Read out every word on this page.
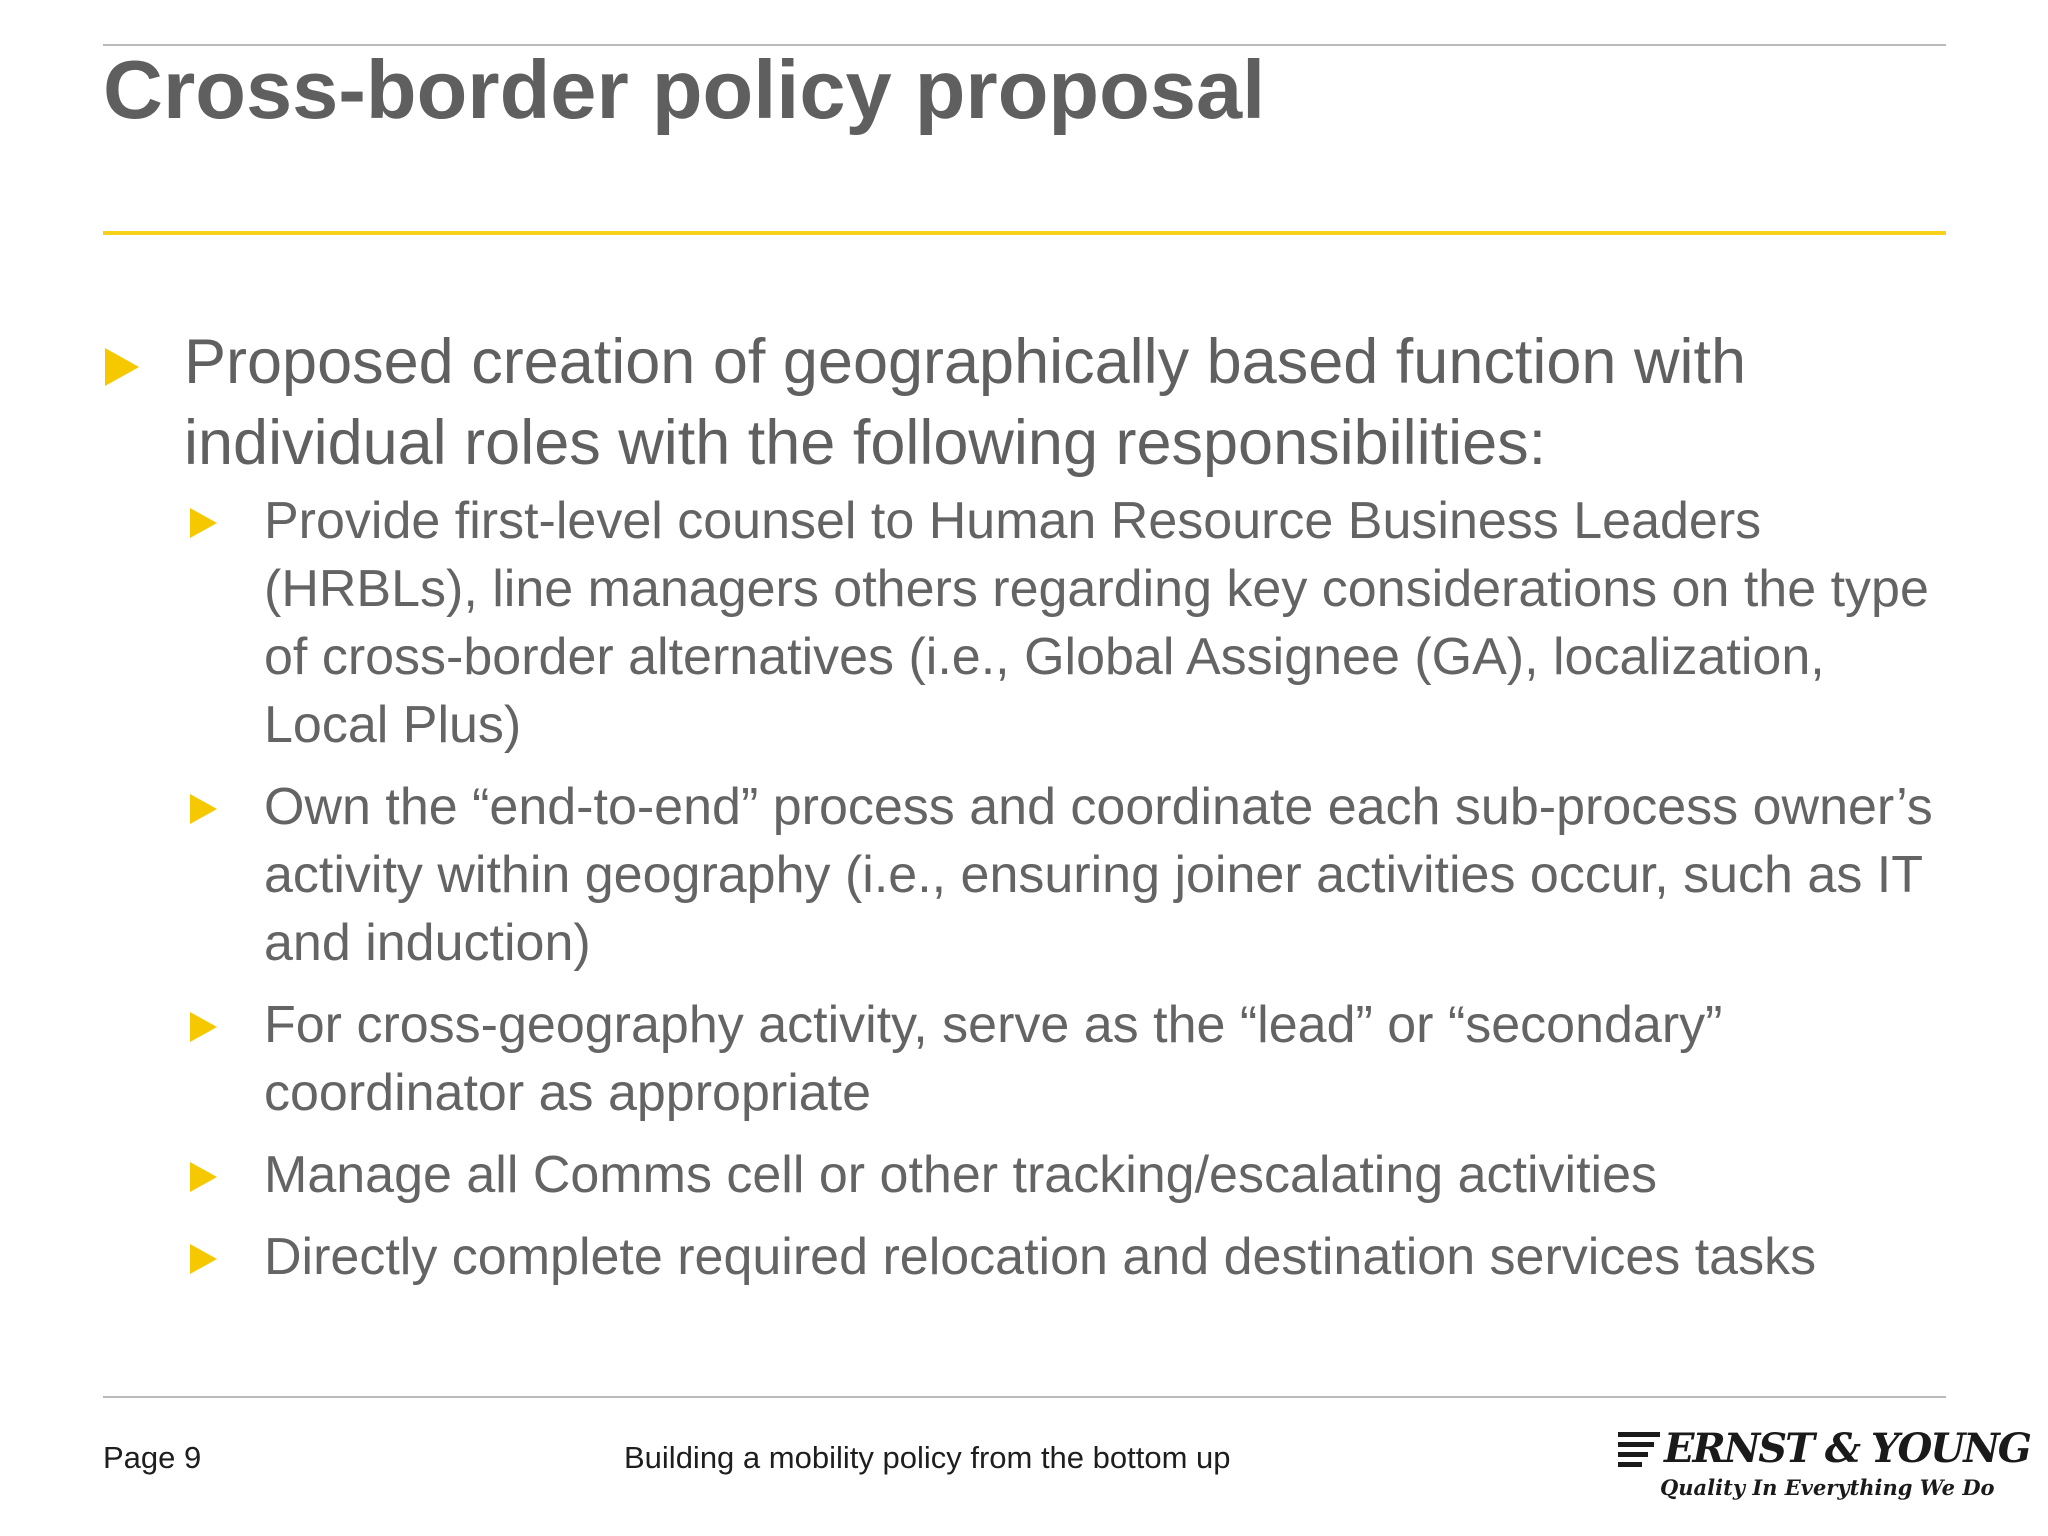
Cross-border policy proposal
Proposed creation of geographically based function with individual roles with the following responsibilities:
Provide first-level counsel to Human Resource Business Leaders (HRBLs), line managers others regarding key considerations on the type of cross-border alternatives (i.e., Global Assignee (GA), localization, Local Plus)
Own the “end-to-end” process and coordinate each sub-process owner’s activity within geography (i.e., ensuring joiner activities occur, such as IT and induction)
For cross-geography activity, serve as the “lead” or “secondary” coordinator as appropriate
Manage all Comms cell or other tracking/escalating activities
Directly complete required relocation and destination services tasks
Page 9	Building a mobility policy from the bottom up	ERNST & YOUNG
Quality In Everything We Do
